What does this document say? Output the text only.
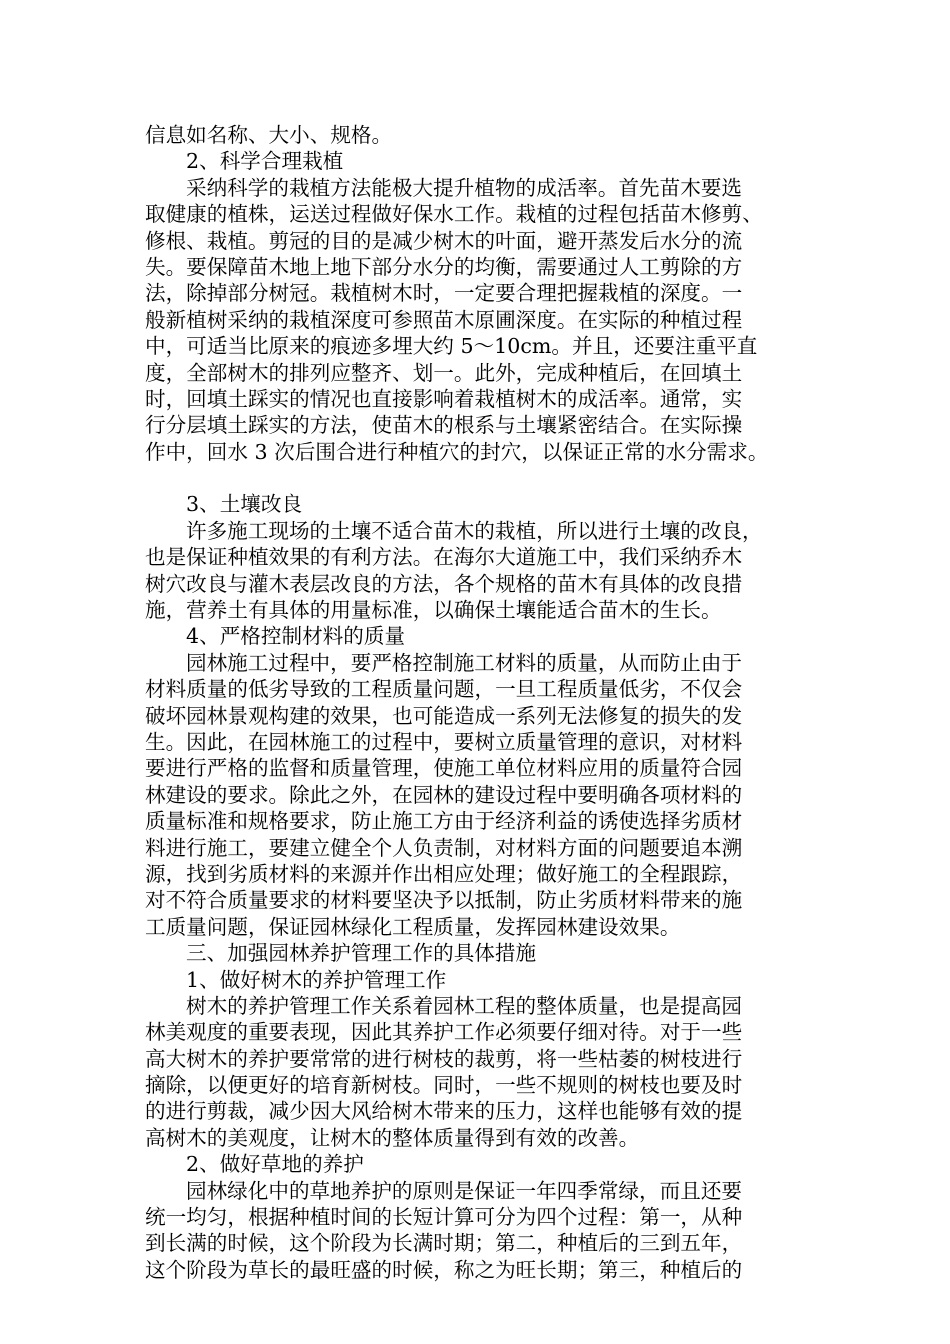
信息如名称、大小、规格。
2、科学合理栽植
采纳科学的栽植方法能极大提升植物的成活率。首先苗木要选
取健康的植株，运送过程做好保水工作。栽植的过程包括苗木修剪、
修根、栽植。剪冠的目的是减少树木的叶面，避开蒸发后水分的流
失。要保障苗木地上地下部分水分的均衡，需要通过人工剪除的方
法，除掉部分树冠。栽植树木时，一定要合理把握栽植的深度。一
般新植树采纳的栽植深度可参照苗木原圃深度。在实际的种植过程
中，可适当比原来的痕迹多埋大约 5～10cm。并且，还要注重平直
度，全部树木的排列应整齐、划一。此外，完成种植后，在回填土
时，回填土踩实的情况也直接影响着栽植树木的成活率。通常，实
行分层填土踩实的方法，使苗木的根系与土壤紧密结合。在实际操
作中，回水 3 次后围合进行种植穴的封穴，以保证正常的水分需求。
3、土壤改良
许多施工现场的土壤不适合苗木的栽植，所以进行土壤的改良，
也是保证种植效果的有利方法。在海尔大道施工中，我们采纳乔木
树穴改良与灌木表层改良的方法，各个规格的苗木有具体的改良措
施，营养土有具体的用量标准，以确保土壤能适合苗木的生长。
4、严格控制材料的质量
园林施工过程中，要严格控制施工材料的质量，从而防止由于
材料质量的低劣导致的工程质量问题，一旦工程质量低劣，不仅会
破坏园林景观构建的效果，也可能造成一系列无法修复的损失的发
生。因此，在园林施工的过程中，要树立质量管理的意识，对材料
要进行严格的监督和质量管理，使施工单位材料应用的质量符合园
林建设的要求。除此之外，在园林的建设过程中要明确各项材料的
质量标准和规格要求，防止施工方由于经济利益的诱使选择劣质材
料进行施工，要建立健全个人负责制，对材料方面的问题要追本溯
源，找到劣质材料的来源并作出相应处理；做好施工的全程跟踪，
对不符合质量要求的材料要坚决予以抵制，防止劣质材料带来的施
工质量问题，保证园林绿化工程质量，发挥园林建设效果。
三、加强园林养护管理工作的具体措施
1、做好树木的养护管理工作
树木的养护管理工作关系着园林工程的整体质量，也是提高园
林美观度的重要表现，因此其养护工作必须要仔细对待。对于一些
高大树木的养护要常常的进行树枝的裁剪，将一些枯萎的树枝进行
摘除，以便更好的培育新树枝。同时，一些不规则的树枝也要及时
的进行剪裁，减少因大风给树木带来的压力，这样也能够有效的提
高树木的美观度，让树木的整体质量得到有效的改善。
2、做好草地的养护
园林绿化中的草地养护的原则是保证一年四季常绿，而且还要
统一均匀，根据种植时间的长短计算可分为四个过程：第一，从种
到长满的时候，这个阶段为长满时期；第二，种植后的三到五年，
这个阶段为草长的最旺盛的时候，称之为旺长期；第三，种植后的
